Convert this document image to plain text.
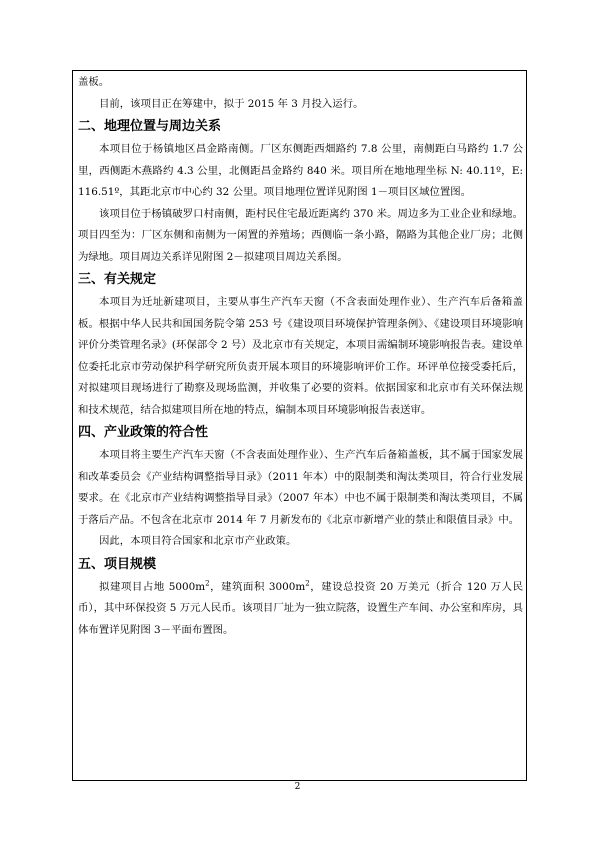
盖板。

目前，该项目正在筹建中，拟于 2015 年 3 月投入运行。

二、地理位置与周边关系

本项目位于杨镇地区昌金路南侧。厂区东侧距西畑路约 7.8 公里，南侧距白马路约 1.7 公里，西侧距木燕路约 4.3 公里，北侧距昌金路约 840 米。项目所在地地理坐标 N: 40.11º，E: 116.51º，其距北京市中心约 32 公里。项目地理位置详见附图 1－项目区域位置图。

该项目位于杨镇破罗口村南侧，距村民住宅最近距离约 370 米。周边多为工业企业和绿地。项目四至为：厂区东侧和南侧为一闲置的养殖场；西侧临一条小路，隔路为其他企业厂房；北侧为绿地。项目周边关系详见附图 2－拟建项目周边关系图。

三、有关规定

本项目为迁址新建项目，主要从事生产汽车天窗（不含表面处理作业）、生产汽车后备箱盖板。根据中华人民共和国国务院令第 253 号《建设项目环境保护管理条例》、《建设项目环境影响评价分类管理名录》(环保部令 2 号）及北京市有关规定，本项目需编制环境影响报告表。建设单位委托北京市劳动保护科学研究所负责开展本项目的环境影响评价工作。环评单位接受委托后，对拟建项目现场进行了勘察及现场监测，并收集了必要的资料。依据国家和北京市有关环保法规和技术规范，结合拟建项目所在地的特点，编制本项目环境影响报告表送审。

四、产业政策的符合性

本项目将主要生产汽车天窗（不含表面处理作业）、生产汽车后备箱盖板，其不属于国家发展和改革委员会《产业结构调整指导目录》（2011 年本）中的限制类和淘汰类项目，符合行业发展要求。在《北京市产业结构调整指导目录》（2007 年本）中也不属于限制类和淘汰类项目，不属于落后产品。不包含在北京市 2014 年 7 月新发布的《北京市新增产业的禁止和限值目录》中。

因此，本项目符合国家和北京市产业政策。

五、项目规模

拟建项目占地 $5000m^2$，建筑面积 $3000m^2$，建设总投资 20 万美元（折合 120 万人民币），其中环保投资 5 万元人民币。该项目厂址为一独立院落，设置生产车间、办公室和库房，具体布置详见附图 3－平面布置图。

2
